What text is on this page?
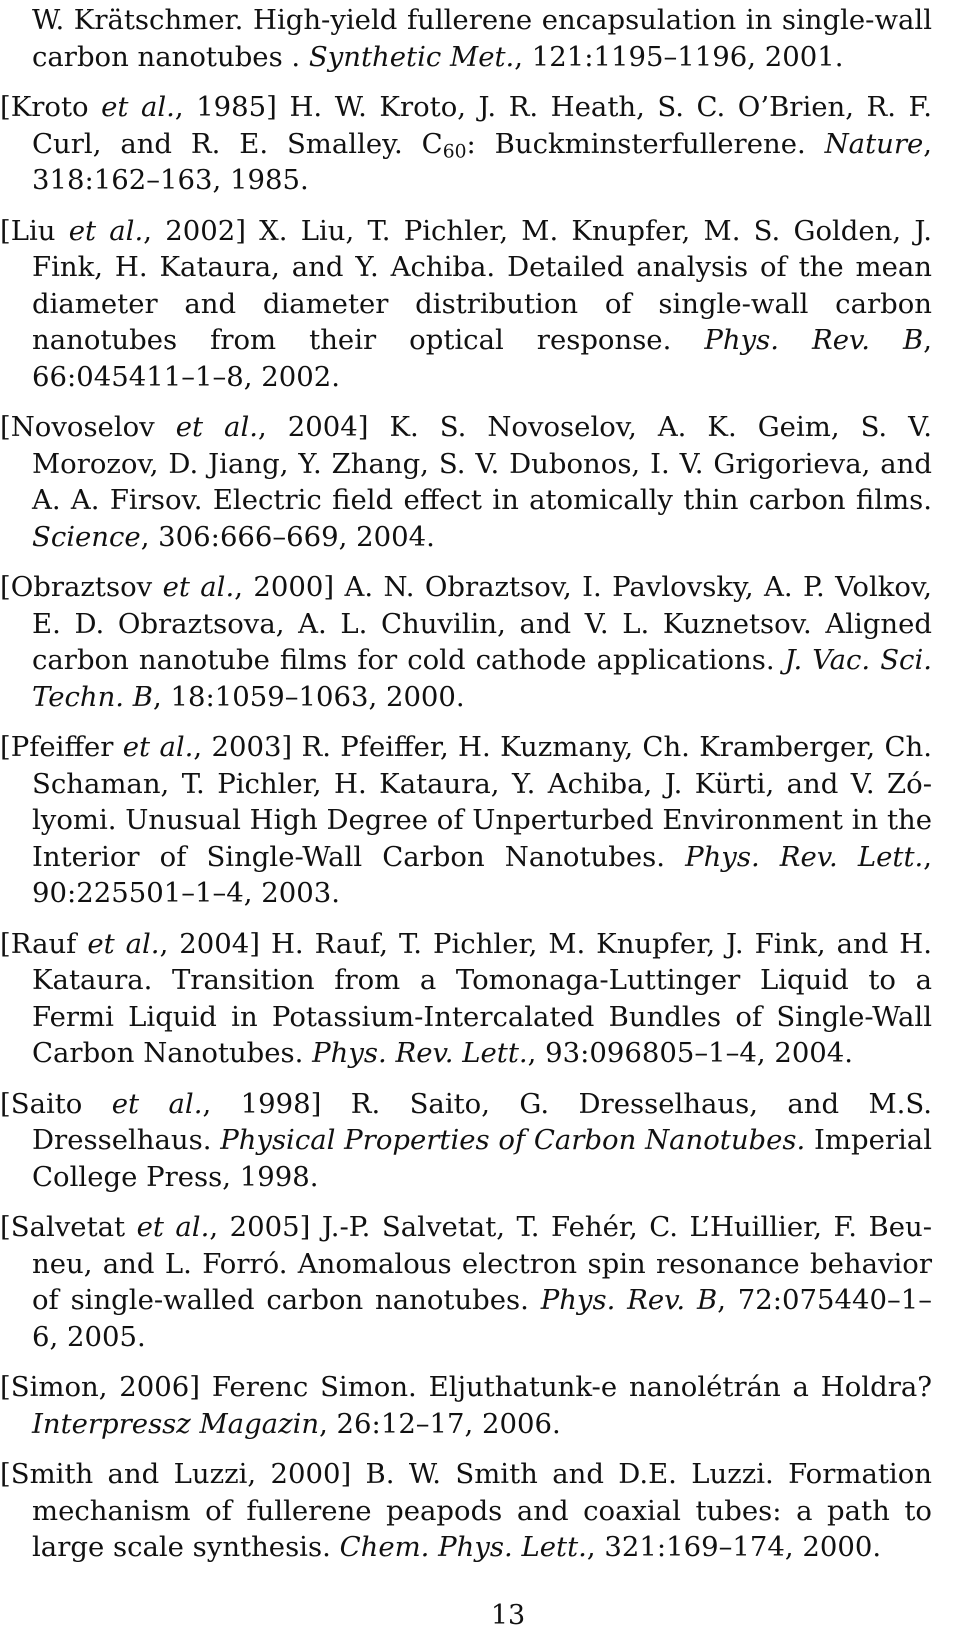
W. Krätschmer. High-yield fullerene encapsulation in single-wall carbon nanotubes . Synthetic Met., 121:1195–1196, 2001.

[Kroto et al., 1985] H. W. Kroto, J. R. Heath, S. C. O’Brien, R. F. Curl, and R. E. Smalley. $C_{60}$: Buckminsterfullerene. Nature, 318:162–163, 1985.

[Liu et al., 2002] X. Liu, T. Pichler, M. Knupfer, M. S. Golden, J. Fink, H. Kataura, and Y. Achiba. Detailed analysis of the mean diameter and diameter distribution of single-wall carbon nanotubes from their optical response. Phys. Rev. B, 66:045411–1–8, 2002.

[Novoselov et al., 2004] K. S. Novoselov, A. K. Geim, S. V. Morozov, D. Jiang, Y. Zhang, S. V. Dubonos, I. V. Grigorieva, and A. A. Firsov. Electric field effect in atomically thin carbon films. Science, 306:666–669, 2004.

[Obraztsov et al., 2000] A. N. Obraztsov, I. Pavlovsky, A. P. Volkov, E. D. Obraztsova, A. L. Chuvilin, and V. L. Kuznetsov. Aligned carbon nanotube films for cold cathode applications. J. Vac. Sci. Techn. B, 18:1059–1063, 2000.

[Pfeiffer et al., 2003] R. Pfeiffer, H. Kuzmany, Ch. Kramberger, Ch. Schaman, T. Pichler, H. Kataura, Y. Achiba, J. Kürti, and V. Zólyomi. Unusual High Degree of Unperturbed Environment in the Interior of Single-Wall Carbon Nanotubes. Phys. Rev. Lett., 90:225501–1–4, 2003.

[Rauf et al., 2004] H. Rauf, T. Pichler, M. Knupfer, J. Fink, and H. Kataura. Transition from a Tomonaga-Luttinger Liquid to a Fermi Liquid in Potassium-Intercalated Bundles of Single-Wall Carbon Nanotubes. Phys. Rev. Lett., 93:096805–1–4, 2004.

[Saito et al., 1998] R. Saito, G. Dresselhaus, and M.S. Dresselhaus. Physical Properties of Carbon Nanotubes. Imperial College Press, 1998.

[Salvetat et al., 2005] J.-P. Salvetat, T. Fehér, C. L’Huillier, F. Beuneu, and L. Forró. Anomalous electron spin resonance behavior of single-walled carbon nanotubes. Phys. Rev. B, 72:075440–1–6, 2005.

[Simon, 2006] Ferenc Simon. Eljuthatunk-e nanolétrán a Holdra? Interpressz Magazin, 26:12–17, 2006.

[Smith and Luzzi, 2000] B. W. Smith and D.E. Luzzi. Formation mechanism of fullerene peapods and coaxial tubes: a path to large scale synthesis. Chem. Phys. Lett., 321:169–174, 2000.

13
